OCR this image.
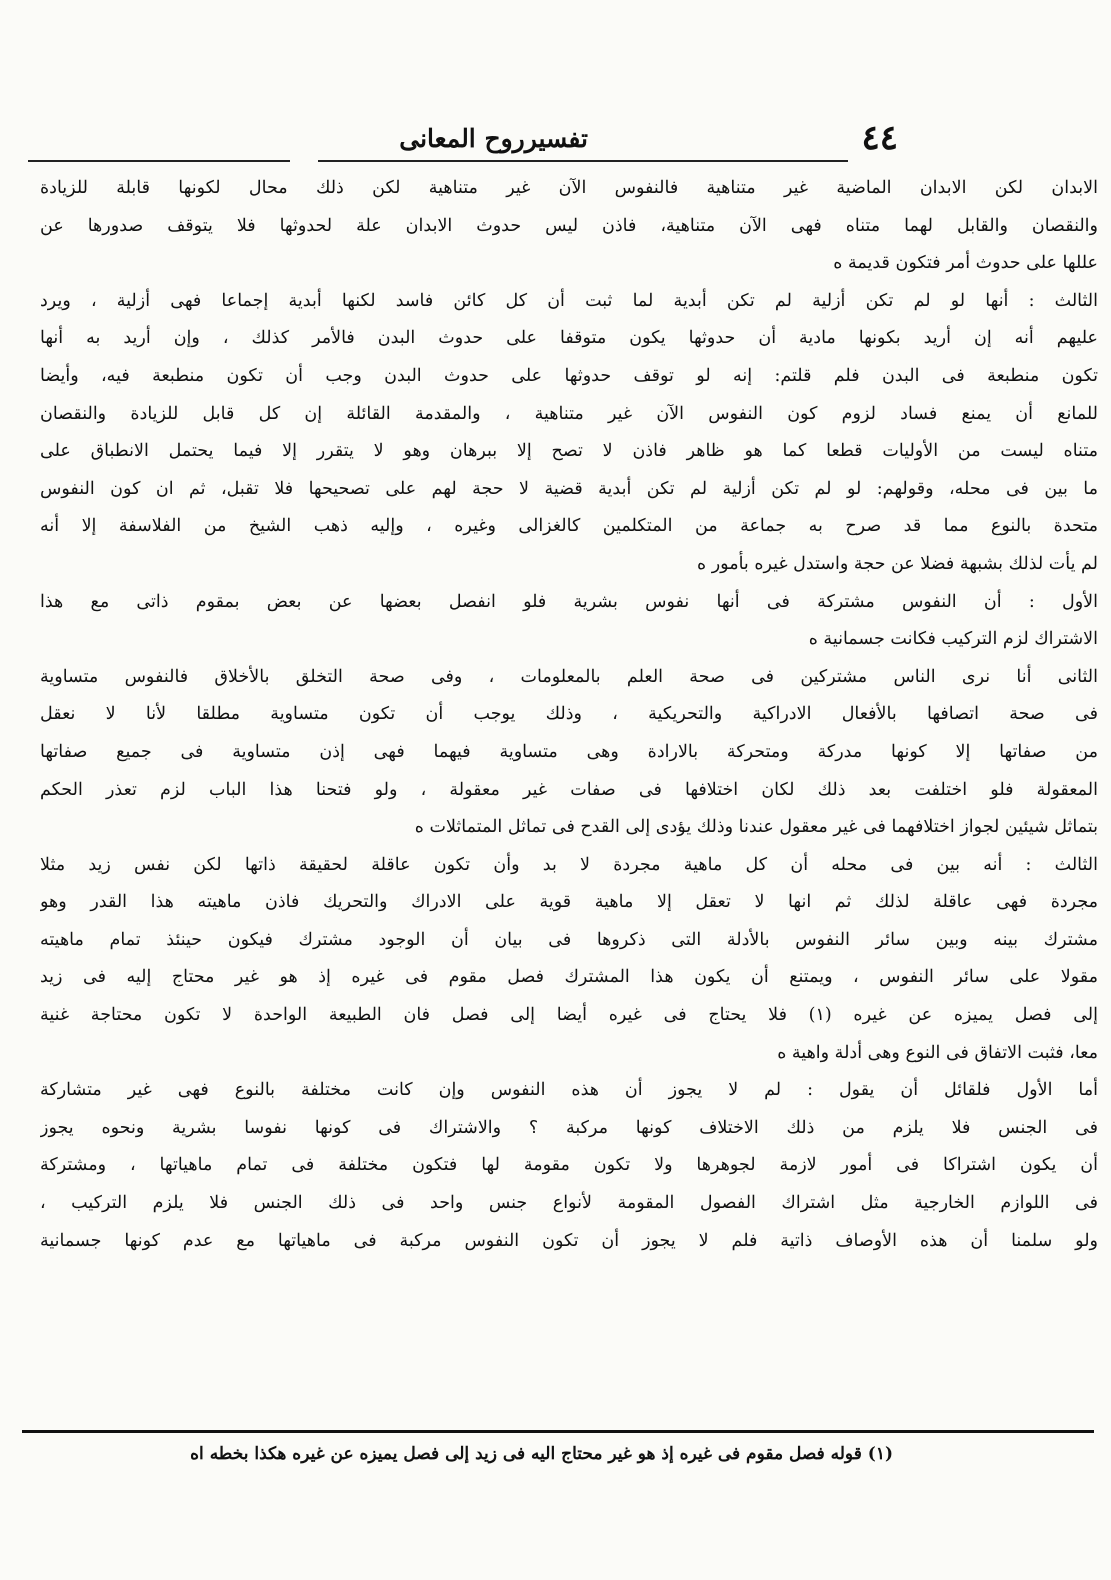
٤٤
تفسيرروح المعانى
الابدان لكن الابدان الماضية غير متناهية فالنفوس الآن غير متناهية لكن ذلك محال لكونها قابلة للزيادة
والنقصان والقابل لهما متناه فهى الآن متناهية، فاذن ليس حدوث الابدان علة لحدوثها فلا يتوقف صدورها عن
عللها على حدوث أمر فتكون قديمة ه
الثالث : أنها لو لم تكن أزلية لم تكن أبدية لما ثبت أن كل كائن فاسد لكنها أبدية إجماعا فهى أزلية ، ويرد
عليهم أنه إن أريد بكونها مادية أن حدوثها يكون متوقفا على حدوث البدن فالأمر كذلك ، وإن أريد به أنها
تكون منطبعة فى البدن فلم قلتم: إنه لو توقف حدوثها على حدوث البدن وجب أن تكون منطبعة فيه، وأيضا
للمانع أن يمنع فساد لزوم كون النفوس الآن غير متناهية ، والمقدمة القائلة إن كل قابل للزيادة والنقصان
متناه ليست من الأوليات قطعا كما هو ظاهر فاذن لا تصح إلا ببرهان وهو لا يتقرر إلا فيما يحتمل الانطباق على
ما بين فى محله، وقولهم: لو لم تكن أزلية لم تكن أبدية قضية لا حجة لهم على تصحيحها فلا تقبل، ثم ان كون النفوس
متحدة بالنوع مما قد صرح به جماعة من المتكلمين كالغزالى وغيره ، وإليه ذهب الشيخ من الفلاسفة إلا أنه
لم يأت لذلك بشبهة فضلا عن حجة واستدل غيره بأمور ه
الأول : أن النفوس مشتركة فى أنها نفوس بشرية فلو انفصل بعضها عن بعض بمقوم ذاتى مع هذا
الاشتراك لزم التركيب فكانت جسمانية ه
الثانى أنا نرى الناس مشتركين فى صحة العلم بالمعلومات ، وفى صحة التخلق بالأخلاق فالنفوس متساوية
فى صحة اتصافها بالأفعال الادراكية والتحريكية ، وذلك يوجب أن تكون متساوية مطلقا لأنا لا نعقل
من صفاتها إلا كونها مدركة ومتحركة بالارادة وهى متساوية فيهما فهى إذن متساوية فى جميع صفاتها
المعقولة فلو اختلفت بعد ذلك لكان اختلافها فى صفات غير معقولة ، ولو فتحنا هذا الباب لزم تعذر الحكم
بتماثل شيئين لجواز اختلافهما فى غير معقول عندنا وذلك يؤدى إلى القدح فى تماثل المتماثلات ه
الثالث : أنه بين فى محله أن كل ماهية مجردة لا بد وأن تكون عاقلة لحقيقة ذاتها لكن نفس زيد مثلا
مجردة فهى عاقلة لذلك ثم انها لا تعقل إلا ماهية قوية على الادراك والتحريك فاذن ماهيته هذا القدر وهو
مشترك بينه وبين سائر النفوس بالأدلة التى ذكروها فى بيان أن الوجود مشترك فيكون حينئذ تمام ماهيته
مقولا على سائر النفوس ، ويمتنع أن يكون هذا المشترك فصل مقوم فى غيره إذ هو غير محتاج إليه فى زيد
إلى فصل يميزه عن غيره (١) فلا يحتاج فى غيره أيضا إلى فصل فان الطبيعة الواحدة لا تكون محتاجة غنية
معا، فثبت الاتفاق فى النوع وهى أدلة واهية ه
أما الأول فلقائل أن يقول : لم لا يجوز أن هذه النفوس وإن كانت مختلفة بالنوع فهى غير متشاركة
فى الجنس فلا يلزم من ذلك الاختلاف كونها مركبة ؟ والاشتراك فى كونها نفوسا بشرية ونحوه يجوز
أن يكون اشتراكا فى أمور لازمة لجوهرها ولا تكون مقومة لها فتكون مختلفة فى تمام ماهياتها ، ومشتركة
فى اللوازم الخارجية مثل اشتراك الفصول المقومة لأنواع جنس واحد فى ذلك الجنس فلا يلزم التركيب ،
ولو سلمنا أن هذه الأوصاف ذاتية فلم لا يجوز أن تكون النفوس مركبة فى ماهياتها مع عدم كونها جسمانية
(١) قوله فصل مقوم فى غيره إذ هو غير محتاج اليه فى زيد إلى فصل يميزه عن غيره هكذا بخطه اه
